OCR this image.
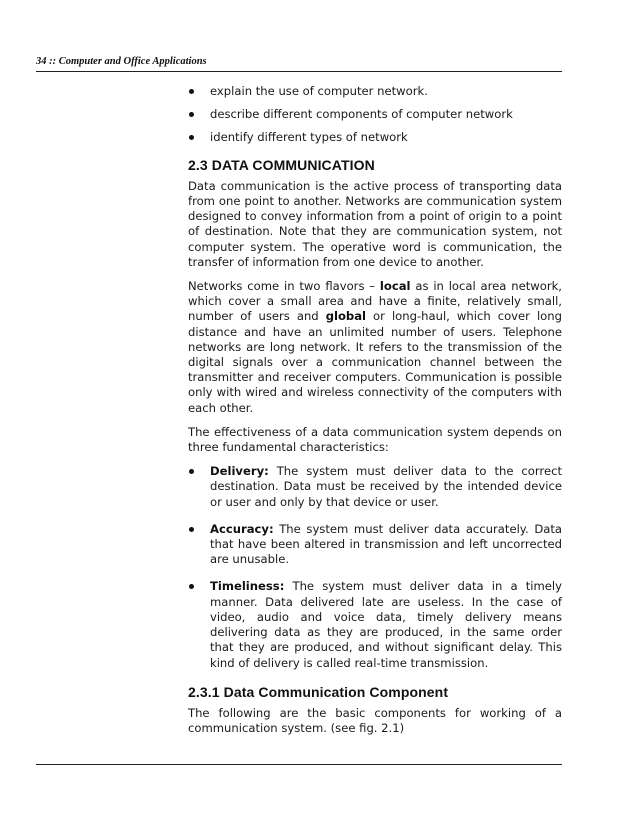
34 :: Computer and Office Applications
explain the use of computer network.
describe different components of computer network
identify different types of network
2.3 DATA COMMUNICATION

Data communication is the active process of transporting data from one point to another. Networks are communication system designed to convey information from a point of origin to a point of destination. Note that they are communication system, not computer system. The operative word is communication, the transfer of information from one device to another.

Networks come in two flavors – local as in local area network, which cover a small area and have a finite, relatively small, number of users and global or long-haul, which cover long distance and have an unlimited number of users. Telephone networks are long network. It refers to the transmission of the digital signals over a communication channel between the transmitter and receiver computers. Communication is possible only with wired and wireless connectivity of the computers with each other.

The effectiveness of a data communication system depends on three fundamental characteristics:

Delivery: The system must deliver data to the correct destination. Data must be received by the intended device or user and only by that device or user.
Accuracy: The system must deliver data accurately. Data that have been altered in transmission and left uncorrected are unusable.
Timeliness: The system must deliver data in a timely manner. Data delivered late are useless. In the case of video, audio and voice data, timely delivery means delivering data as they are produced, in the same order that they are produced, and without significant delay. This kind of delivery is called real-time transmission.
2.3.1 Data Communication Component

The following are the basic components for working of a communication system. (see fig. 2.1)
